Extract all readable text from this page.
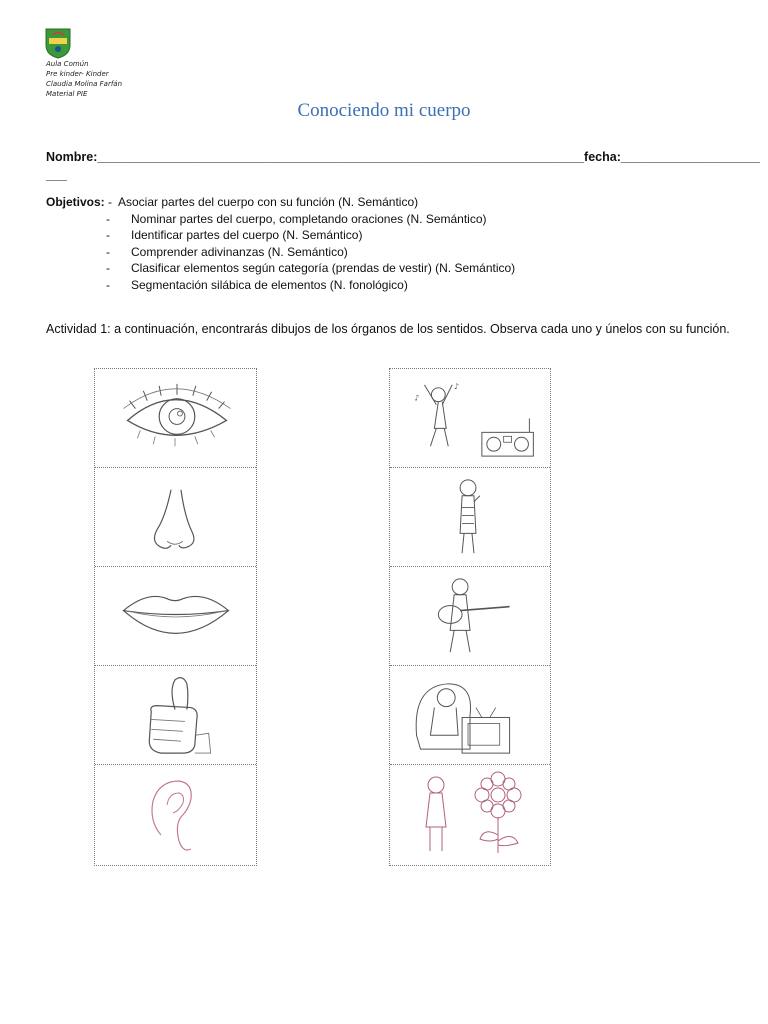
Aula Común
Pre kinder- Kinder
Claudia Molina Farfán
Material PIE
Conociendo mi cuerpo
Nombre:______________________________________________________________________fecha:____________________
___
Objetivos: - Asociar partes del cuerpo con su función (N. Semántico)
- Nominar partes del cuerpo, completando oraciones (N. Semántico)
- Identificar partes del cuerpo (N. Semántico)
- Comprender adivinanzas (N. Semántico)
- Clasificar elementos según categoría (prendas de vestir) (N. Semántico)
- Segmentación silábica de elementos (N. fonológico)
Actividad 1: a continuación, encontrarás dibujos de los órganos de los sentidos. Observa cada uno y únelos con su función.
♪
♪
